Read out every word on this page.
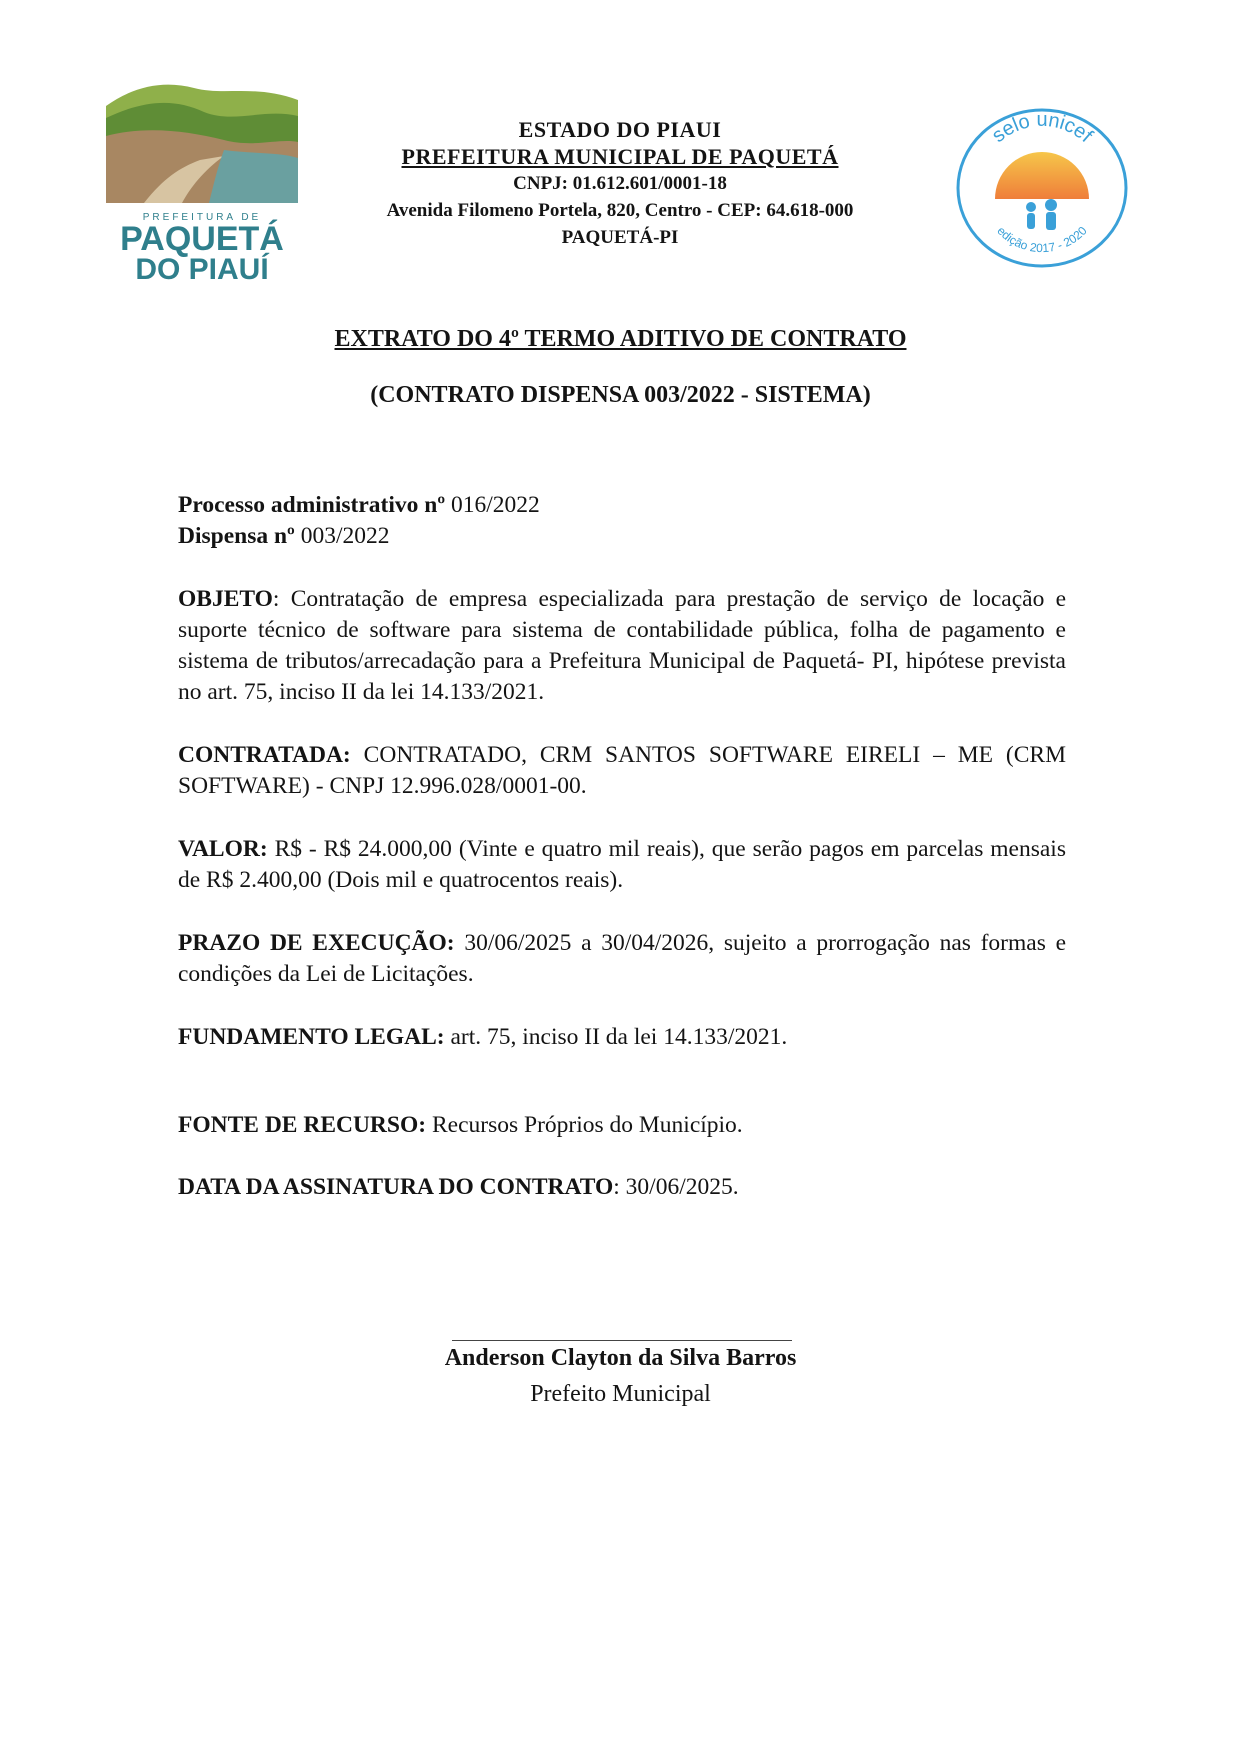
PREFEITURA DE
PAQUETÁ
DO PIAUÍ
ESTADO DO PIAUI
PREFEITURA MUNICIPAL DE PAQUETÁ
CNPJ: 01.612.601/0001-18
Avenida Filomeno Portela, 820, Centro - CEP: 64.618-000
PAQUETÁ-PI
selo unicef
edição 2017 - 2020
EXTRATO DO 4º TERMO ADITIVO DE CONTRATO
(CONTRATO DISPENSA 003/2022 - SISTEMA)

Processo administrativo nº 016/2022

Dispensa nº 003/2022

OBJETO: Contratação de empresa especializada para prestação de serviço de locação e suporte técnico de software para sistema de contabilidade pública, folha de pagamento e sistema de tributos/arrecadação para a Prefeitura Municipal de Paquetá- PI, hipótese prevista no art. 75, inciso II da lei 14.133/2021.

CONTRATADA: CONTRATADO, CRM SANTOS SOFTWARE EIRELI – ME (CRM SOFTWARE) - CNPJ 12.996.028/0001-00.

VALOR: R$ - R$ 24.000,00 (Vinte e quatro mil reais), que serão pagos em parcelas mensais de R$ 2.400,00 (Dois mil e quatrocentos reais).

PRAZO DE EXECUÇÃO: 30/06/2025 a 30/04/2026, sujeito a prorrogação nas formas e condições da Lei de Licitações.

FUNDAMENTO LEGAL: art. 75, inciso II da lei 14.133/2021.

FONTE DE RECURSO: Recursos Próprios do Município.

DATA DA ASSINATURA DO CONTRATO: 30/06/2025.

Anderson Clayton da Silva Barros
Prefeito Municipal
